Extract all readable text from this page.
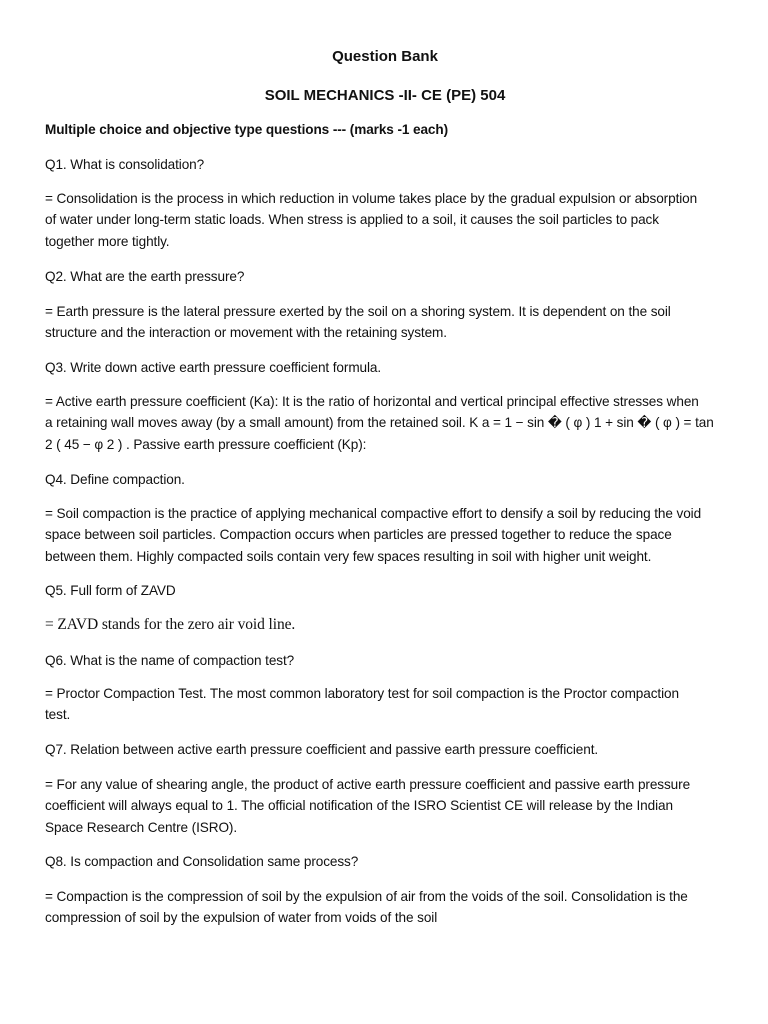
Question Bank
SOIL MECHANICS -II- CE (PE) 504
Multiple choice and objective type questions --- (marks -1 each)
Q1. What is consolidation?
= Consolidation is the process in which reduction in volume takes place by the gradual expulsion or absorption
of water under long-term static loads. When stress is applied to a soil, it causes the soil particles to pack
together more tightly.
Q2. What are the earth pressure?
= Earth pressure is the lateral pressure exerted by the soil on a shoring system. It is dependent on the soil
structure and the interaction or movement with the retaining system.
Q3. Write down active earth pressure coefficient formula.
= Active earth pressure coefficient (Ka): It is the ratio of horizontal and vertical principal effective stresses when
a retaining wall moves away (by a small amount) from the retained soil. K a = 1 − sin � ( φ ) 1 + sin � ( φ ) = tan
2 ( 45 − φ 2 ) . Passive earth pressure coefficient (Kp):
Q4. Define compaction.
= Soil compaction is the practice of applying mechanical compactive effort to densify a soil by reducing the void
space between soil particles. Compaction occurs when particles are pressed together to reduce the space
between them. Highly compacted soils contain very few spaces resulting in soil with higher unit weight.
Q5. Full form of ZAVD
= ZAVD stands for the zero air void line.
Q6. What is the name of compaction test?
= Proctor Compaction Test. The most common laboratory test for soil compaction is the Proctor compaction
test.
Q7. Relation between active earth pressure coefficient and passive earth pressure coefficient.
= For any value of shearing angle, the product of active earth pressure coefficient and passive earth pressure
coefficient will always equal to 1. The official notification of the ISRO Scientist CE will release by the Indian
Space Research Centre (ISRO).
Q8. Is compaction and Consolidation same process?
= Compaction is the compression of soil by the expulsion of air from the voids of the soil. Consolidation is the
compression of soil by the expulsion of water from voids of the soil
